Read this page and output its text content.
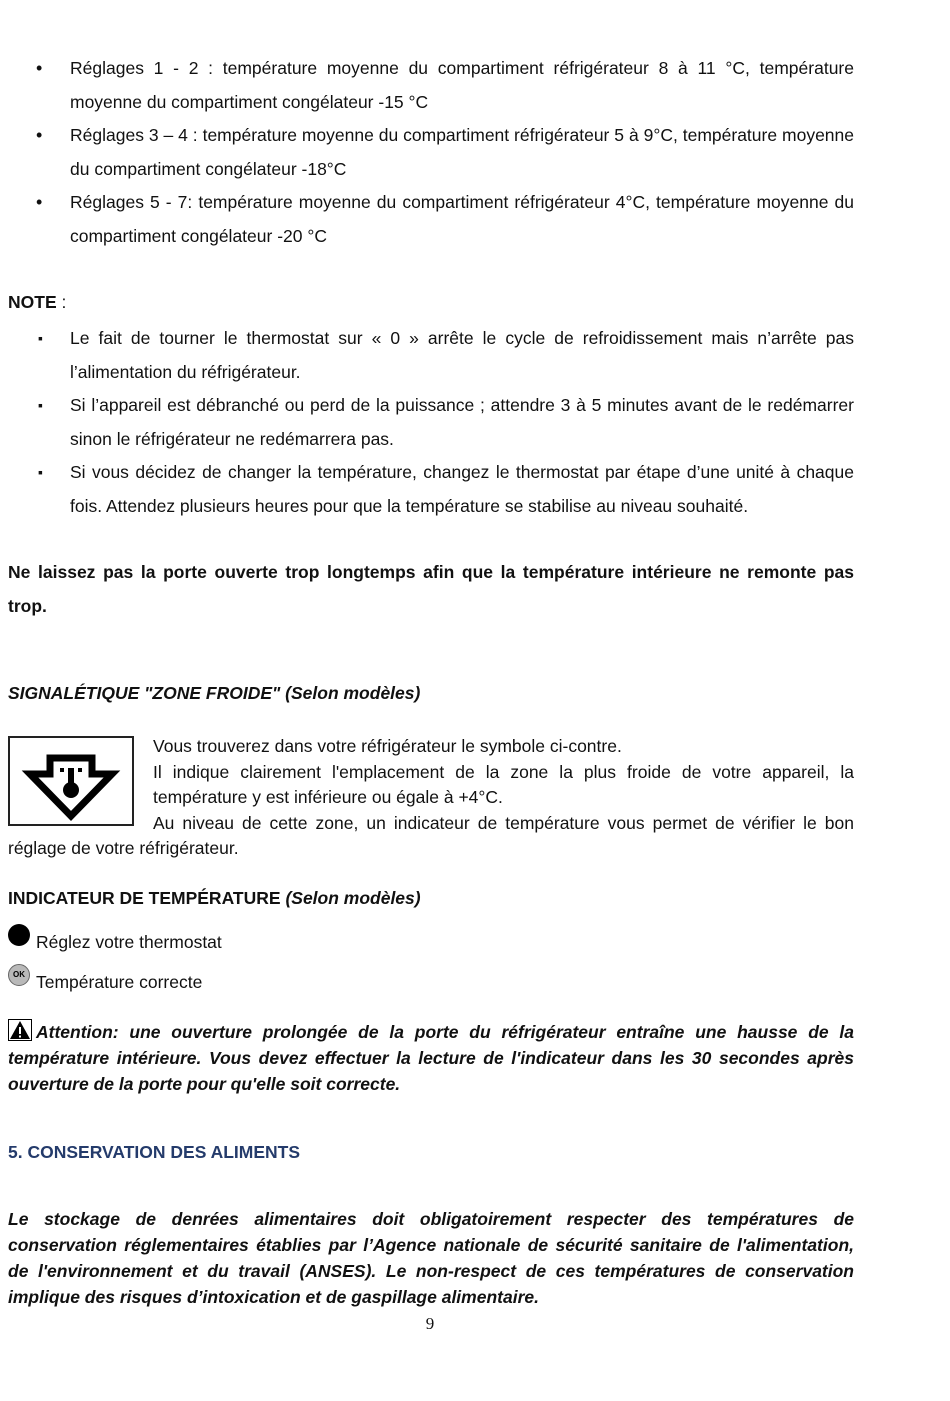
• Réglages 1 - 2 : température moyenne du compartiment réfrigérateur 8 à 11 °C, température moyenne du compartiment congélateur -15 °C
• Réglages 3 – 4 : température moyenne du compartiment réfrigérateur 5 à 9°C, température moyenne du compartiment congélateur -18°C
• Réglages 5 - 7: température moyenne du compartiment réfrigérateur 4°C, température moyenne du compartiment congélateur -20 °C

NOTE :

▪ Le fait de tourner le thermostat sur « 0 » arrête le cycle de refroidissement mais n’arrête pas l’alimentation du réfrigérateur.
▪ Si l’appareil est débranché ou perd de la puissance ; attendre 3 à 5 minutes avant de le redémarrer sinon le réfrigérateur ne redémarrera pas.
▪ Si vous décidez de changer la température, changez le thermostat par étape d’une unité à chaque fois. Attendez plusieurs heures pour que la température se stabilise au niveau souhaité.

Ne laissez pas la porte ouverte trop longtemps afin que la température intérieure ne remonte pas trop.

SIGNALÉTIQUE "ZONE FROIDE" (Selon modèles)

Vous trouverez dans votre réfrigérateur le symbole ci-contre.
Il indique clairement l'emplacement de la zone la plus froide de votre appareil, la température y est inférieure ou égale à +4°C.
Au niveau de cette zone, un indicateur de température vous permet de vérifier le bon réglage de votre réfrigérateur.

INDICATEUR DE TEMPÉRATURE (Selon modèles)

Réglez votre thermostat
OK Température correcte
Attention: une ouverture prolongée de la porte du réfrigérateur entraîne une hausse de la température intérieure. Vous devez effectuer la lecture de l'indicateur dans les 30 secondes après ouverture de la porte pour qu'elle soit correcte.

5. CONSERVATION DES ALIMENTS

Le stockage de denrées alimentaires doit obligatoirement respecter des températures de conservation réglementaires établies par l’Agence nationale de sécurité sanitaire de l'alimentation, de l'environnement et du travail (ANSES). Le non-respect de ces températures de conservation implique des risques d’intoxication et de gaspillage alimentaire.

9
